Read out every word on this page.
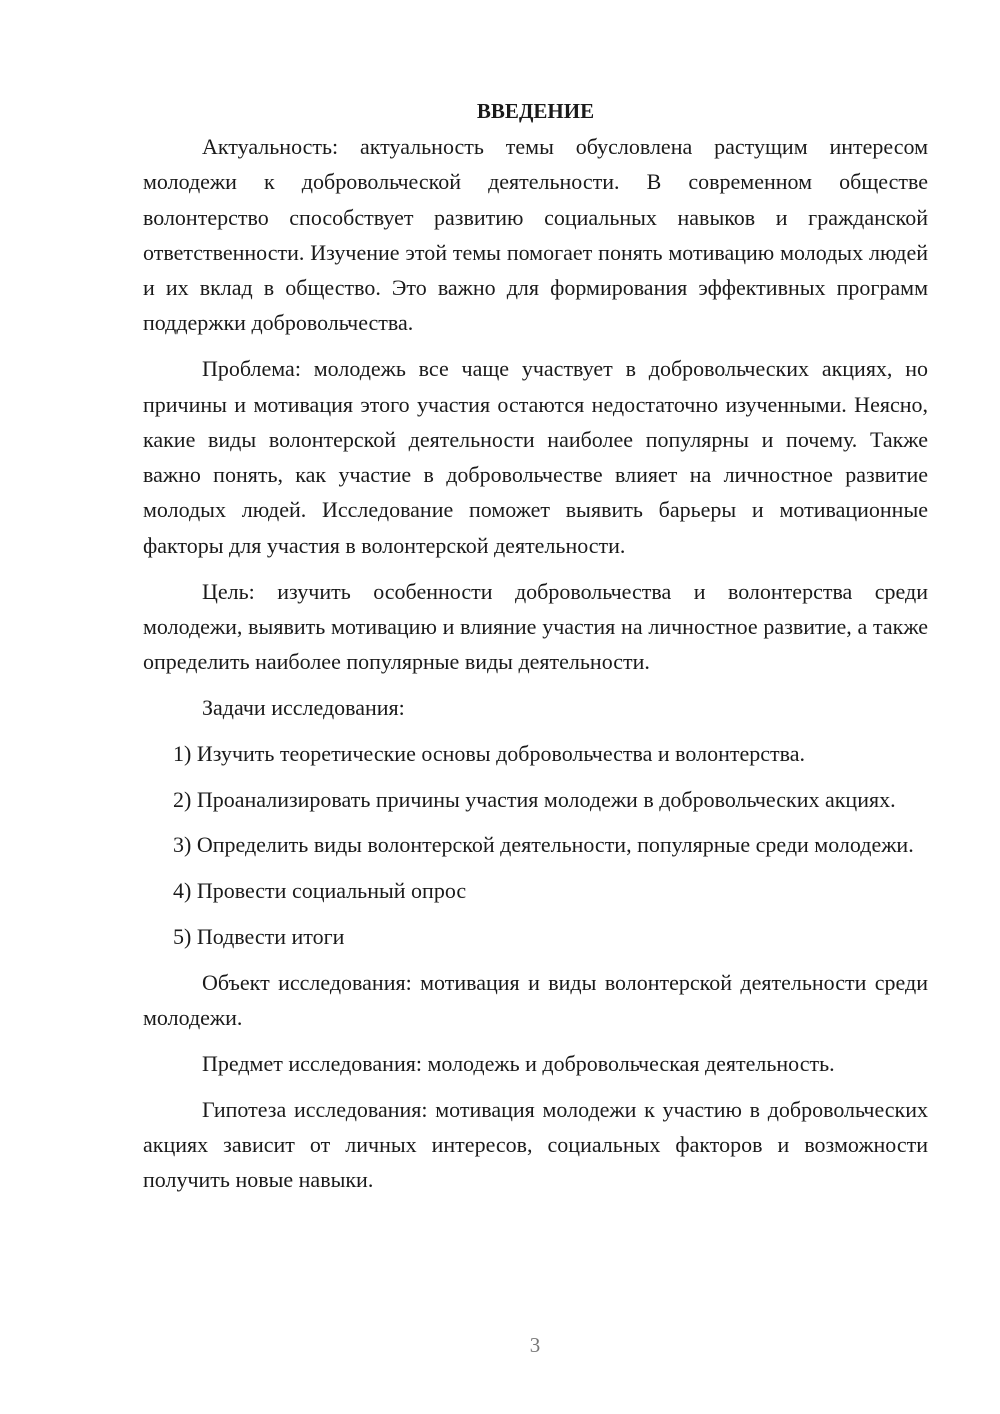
ВВЕДЕНИЕ

Актуальность: актуальность темы обусловлена растущим интересом молодежи к добровольческой деятельности. В современном обществе волонтерство способствует развитию социальных навыков и гражданской ответственности. Изучение этой темы помогает понять мотивацию молодых людей и их вклад в общество. Это важно для формирования эффективных программ поддержки добровольчества.

Проблема: молодежь все чаще участвует в добровольческих акциях, но причины и мотивация этого участия остаются недостаточно изученными. Неясно, какие виды волонтерской деятельности наиболее популярны и почему. Также важно понять, как участие в добровольчестве влияет на личностное развитие молодых людей. Исследование поможет выявить барьеры и мотивационные факторы для участия в волонтерской деятельности.

Цель: изучить особенности добровольчества и волонтерства среди молодежи, выявить мотивацию и влияние участия на личностное развитие, а также определить наиболее популярные виды деятельности.

Задачи исследования:

1) Изучить теоретические основы добровольчества и волонтерства.

2) Проанализировать причины участия молодежи в добровольческих акциях.

3) Определить виды волонтерской деятельности, популярные среди молодежи.

4) Провести социальный опрос

5) Подвести итоги

Объект исследования: мотивация и виды волонтерской деятельности среди молодежи.

Предмет исследования: молодежь и добровольческая деятельность.

Гипотеза исследования: мотивация молодежи к участию в добровольческих акциях зависит от личных интересов, социальных факторов и возможности получить новые навыки.

3
